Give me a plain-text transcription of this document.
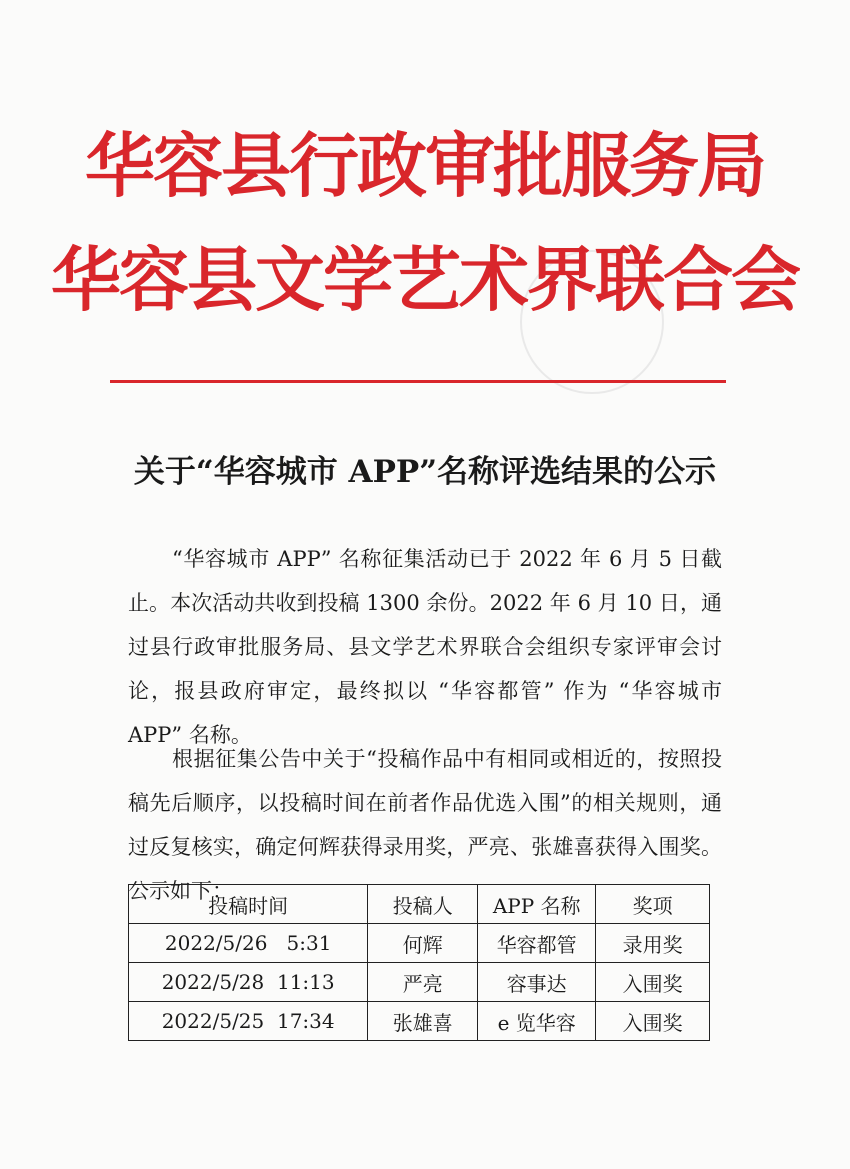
华容县行政审批服务局
华容县文学艺术界联合会
关于“华容城市 APP”名称评选结果的公示
“华容城市 APP” 名称征集活动已于 2022 年 6 月 5 日截止。本次活动共收到投稿 1300 余份。2022 年 6 月 10 日，通过县行政审批服务局、县文学艺术界联合会组织专家评审会讨论，报县政府审定，最终拟以 “华容都管” 作为 “华容城市 APP” 名称。
根据征集公告中关于“投稿作品中有相同或相近的，按照投稿先后顺序，以投稿时间在前者作品优选入围”的相关规则，通过反复核实，确定何辉获得录用奖，严亮、张雄喜获得入围奖。公示如下：
投稿时间	投稿人	APP 名称	奖项
2022/5/26   5:31	何辉	华容都管	录用奖
2022/5/28  11:13	严亮	容事达	入围奖
2022/5/25  17:34	张雄喜	e 览华容	入围奖
